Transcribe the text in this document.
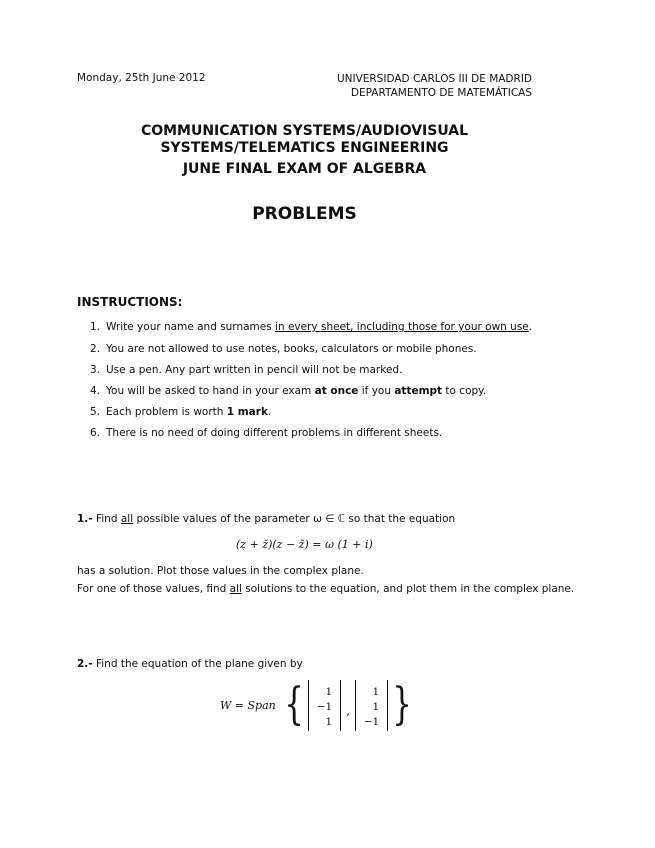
Monday, 25th June 2012	UNIVERSIDAD CARLOS III DE MADRID
DEPARTAMENTO DE MATEMÁTICAS
COMMUNICATION SYSTEMS/AUDIOVISUAL
SYSTEMS/TELEMATICS ENGINEERING
JUNE FINAL EXAM OF ALGEBRA
PROBLEMS
INSTRUCTIONS:
1. Write your name and surnames in every sheet, including those for your own use.
2. You are not allowed to use notes, books, calculators or mobile phones.
3. Use a pen. Any part written in pencil will not be marked.
4. You will be asked to hand in your exam at once if you attempt to copy.
5. Each problem is worth 1 mark.
6. There is no need of doing different problems in different sheets.
1.- Find all possible values of the parameter ω ∈ ℂ so that the equation
(z + z̄)(z − z̄) = ω (1 + i)
has a solution. Plot those values in the complex plane.
For one of those values, find all solutions to the equation, and plot them in the complex plane.
2.- Find the equation of the plane given by
W = Span { 1
−1
1
,
1
1
−1 }
